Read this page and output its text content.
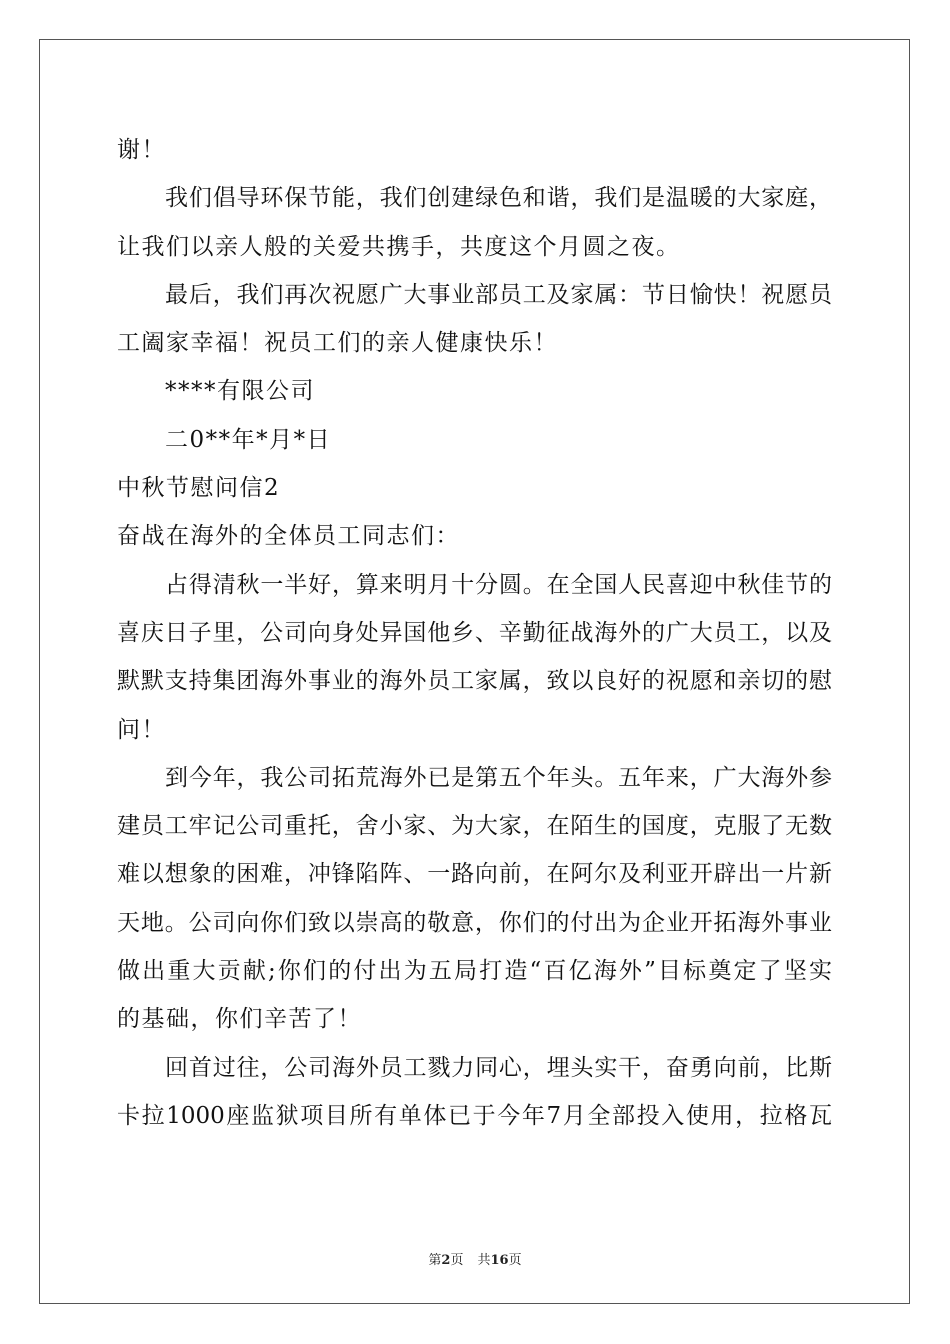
谢！
我们倡导环保节能，我们创建绿色和谐，我们是温暖的大家庭，
让我们以亲人般的关爱共携手，共度这个月圆之夜。
最后，我们再次祝愿广大事业部员工及家属：节日愉快！祝愿员
工阖家幸福！祝员工们的亲人健康快乐！
****有限公司
二0**年*月*日
中秋节慰问信2
奋战在海外的全体员工同志们：
占得清秋一半好，算来明月十分圆。在全国人民喜迎中秋佳节的
喜庆日子里，公司向身处异国他乡、辛勤征战海外的广大员工，以及
默默支持集团海外事业的海外员工家属，致以良好的祝愿和亲切的慰
问！
到今年，我公司拓荒海外已是第五个年头。五年来，广大海外参
建员工牢记公司重托，舍小家、为大家，在陌生的国度，克服了无数
难以想象的困难，冲锋陷阵、一路向前，在阿尔及利亚开辟出一片新
天地。公司向你们致以崇高的敬意，你们的付出为企业开拓海外事业
做出重大贡献;你们的付出为五局打造“百亿海外”目标奠定了坚实
的基础，你们辛苦了！
回首过往，公司海外员工戮力同心，埋头实干，奋勇向前，比斯
卡拉1000座监狱项目所有单体已于今年7月全部投入使用，拉格瓦
第2页 共16页
